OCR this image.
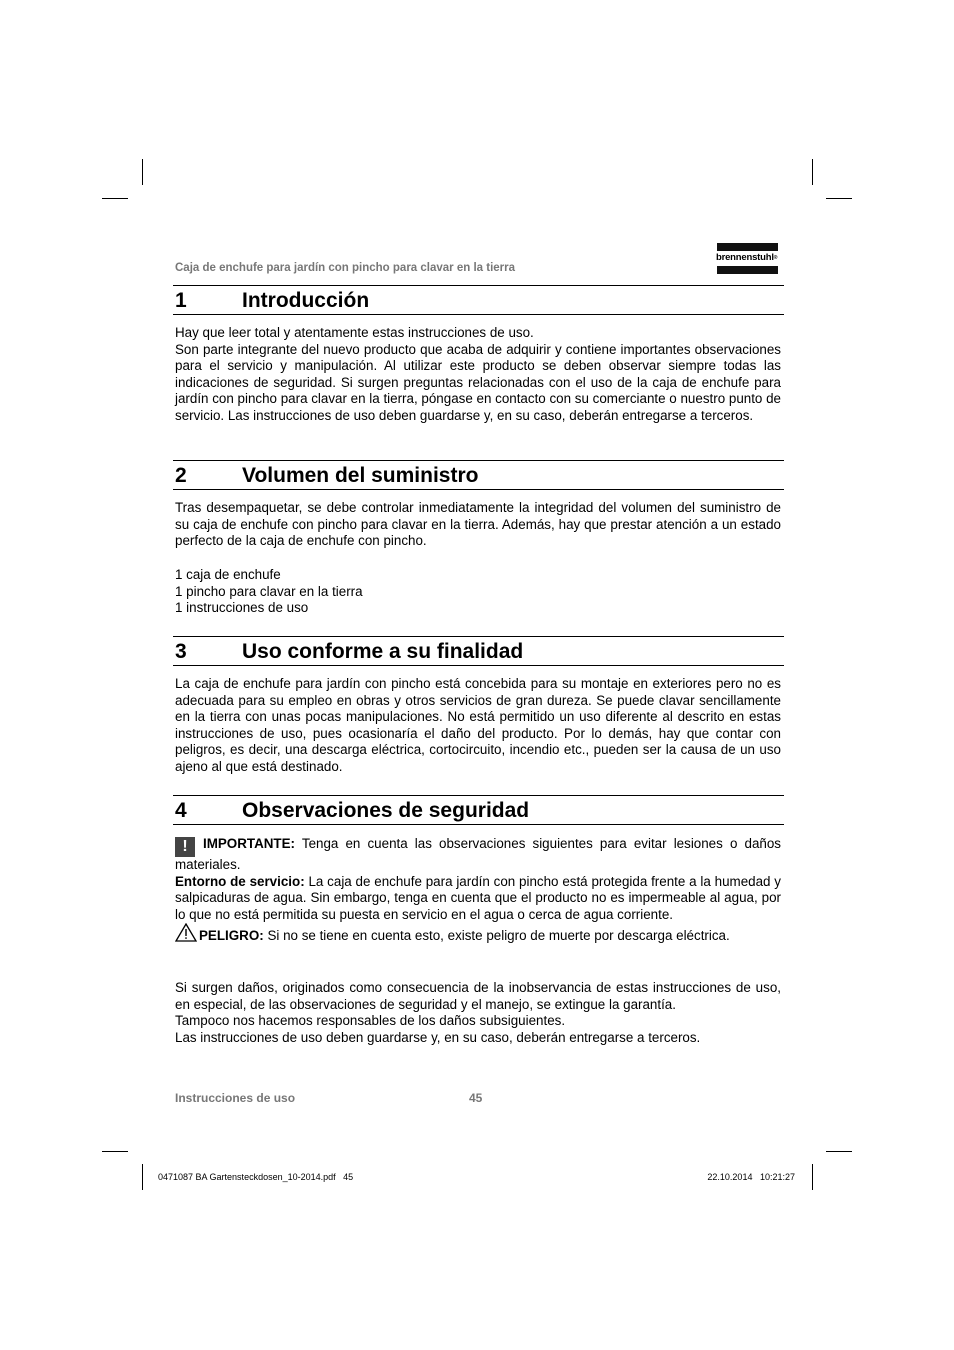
Caja de enchufe para jardín con pincho para clavar en la tierra
brennenstuhl®
1	Introducción

Hay que leer total y atentamente estas instrucciones de uso.

Son parte integrante del nuevo producto que acaba de adquirir y contiene importantes observaciones para el servicio y manipulación. Al utilizar este producto se deben observar siempre todas las indicaciones de seguridad. Si surgen preguntas relacionadas con el uso de la caja de enchufe para jardín con pincho para clavar en la tierra, póngase en contacto con su comerciante o nuestro punto de servicio. Las instrucciones de uso deben guardarse y, en su caso, deberán entregarse a terceros.

2	Volumen del suministro

Tras desempaquetar, se debe controlar inmediatamente la integridad del volumen del suministro de su caja de enchufe con pincho para clavar en la tierra. Además, hay que prestar atención a un estado perfecto de la caja de enchufe con pincho.

1 caja de enchufe
1 pincho para clavar en la tierra
1 instrucciones de uso
3	Uso conforme a su finalidad

La caja de enchufe para jardín con pincho está concebida para su montaje en exteriores pero no es adecuada para su empleo en obras y otros servicios de gran dureza. Se puede clavar sencillamente en la tierra con unas pocas manipulaciones. No está permitido un uso diferente al descrito en estas instrucciones de uso, pues ocasionaría el daño del producto. Por lo demás, hay que contar con peligros, es decir, una descarga eléctrica, cortocircuito, incendio etc., pueden ser la causa de un uso ajeno al que está destinado.

4	Observaciones de seguridad

! IMPORTANTE: Tenga en cuenta las observaciones siguientes para evitar lesiones o daños materiales.

Entorno de servicio: La caja de enchufe para jardín con pincho está protegida frente a la humedad y salpicaduras de agua. Sin embargo, tenga en cuenta que el producto no es impermeable al agua, por lo que no está permitida su puesta en servicio en el agua o cerca de agua corriente.

PELIGRO: Si no se tiene en cuenta esto, existe peligro de muerte por descarga eléctrica.

Si surgen daños, originados como consecuencia de la inobservancia de estas instrucciones de uso, en especial, de las observaciones de seguridad y el manejo, se extingue la garantía.

Tampoco nos hacemos responsables de los daños subsiguientes.

Las instrucciones de uso deben guardarse y, en su caso, deberán entregarse a terceros.

Instrucciones de uso	45
0471087 BA Gartensteckdosen_10-2014.pdf   45	22.10.2014   10:21:27
